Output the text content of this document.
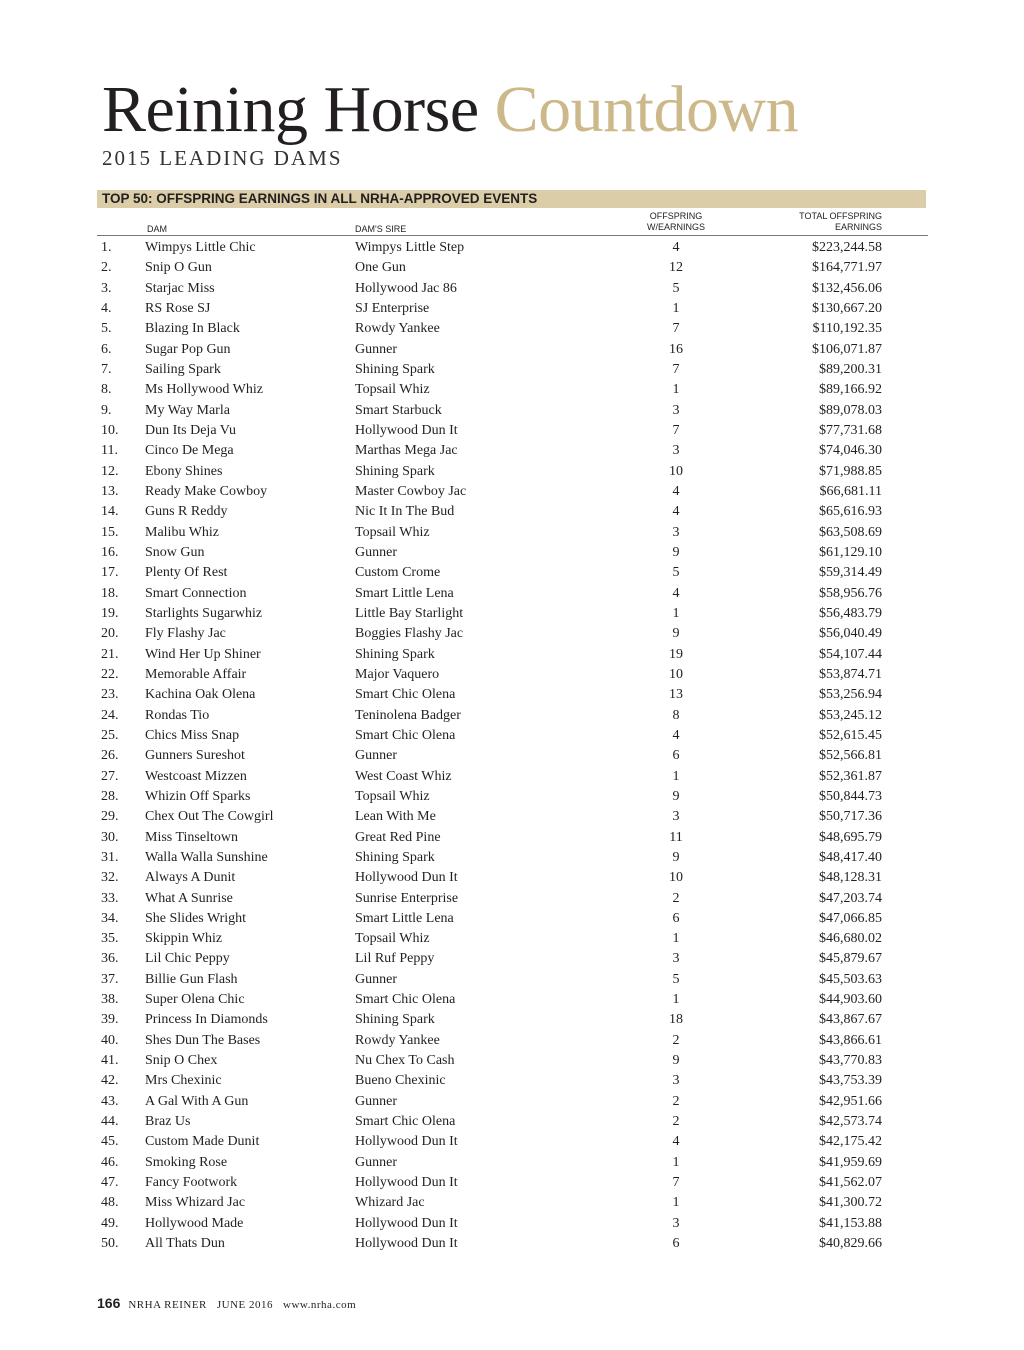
Reining Horse Countdown
2015 LEADING DAMS
TOP 50: OFFSPRING EARNINGS IN ALL NRHA-APPROVED EVENTS
DAM	DAM'S SIRE
OFFSPRING
W/EARNINGS
TOTAL OFFSPRING
EARNINGS
1. Wimpys Little Chic	Wimpys Little Step	4	$223,244.58
2. Snip O Gun	One Gun	12	$164,771.97
3. Starjac Miss	Hollywood Jac 86	5	$132,456.06
4. RS Rose SJ	SJ Enterprise	1	$130,667.20
5. Blazing In Black	Rowdy Yankee	7	$110,192.35
6. Sugar Pop Gun	Gunner	16	$106,071.87
7. Sailing Spark	Shining Spark	7	$89,200.31
8. Ms Hollywood Whiz	Topsail Whiz	1	$89,166.92
9. My Way Marla	Smart Starbuck	3	$89,078.03
10. Dun Its Deja Vu	Hollywood Dun It	7	$77,731.68
11. Cinco De Mega	Marthas Mega Jac	3	$74,046.30
12. Ebony Shines	Shining Spark	10	$71,988.85
13. Ready Make Cowboy	Master Cowboy Jac	4	$66,681.11
14. Guns R Reddy	Nic It In The Bud	4	$65,616.93
15. Malibu Whiz	Topsail Whiz	3	$63,508.69
16. Snow Gun	Gunner	9	$61,129.10
17. Plenty Of Rest	Custom Crome	5	$59,314.49
18. Smart Connection	Smart Little Lena	4	$58,956.76
19. Starlights Sugarwhiz	Little Bay Starlight	1	$56,483.79
20. Fly Flashy Jac	Boggies Flashy Jac	9	$56,040.49
21. Wind Her Up Shiner	Shining Spark	19	$54,107.44
22. Memorable Affair	Major Vaquero	10	$53,874.71
23. Kachina Oak Olena	Smart Chic Olena	13	$53,256.94
24. Rondas Tio	Teninolena Badger	8	$53,245.12
25. Chics Miss Snap	Smart Chic Olena	4	$52,615.45
26. Gunners Sureshot	Gunner	6	$52,566.81
27. Westcoast Mizzen	West Coast Whiz	1	$52,361.87
28. Whizin Off Sparks	Topsail Whiz	9	$50,844.73
29. Chex Out The Cowgirl	Lean With Me	3	$50,717.36
30. Miss Tinseltown	Great Red Pine	11	$48,695.79
31. Walla Walla Sunshine	Shining Spark	9	$48,417.40
32. Always A Dunit	Hollywood Dun It	10	$48,128.31
33. What A Sunrise	Sunrise Enterprise	2	$47,203.74
34. She Slides Wright	Smart Little Lena	6	$47,066.85
35. Skippin Whiz	Topsail Whiz	1	$46,680.02
36. Lil Chic Peppy	Lil Ruf Peppy	3	$45,879.67
37. Billie Gun Flash	Gunner	5	$45,503.63
38. Super Olena Chic	Smart Chic Olena	1	$44,903.60
39. Princess In Diamonds	Shining Spark	18	$43,867.67
40. Shes Dun The Bases	Rowdy Yankee	2	$43,866.61
41. Snip O Chex	Nu Chex To Cash	9	$43,770.83
42. Mrs Chexinic	Bueno Chexinic	3	$43,753.39
43. A Gal With A Gun	Gunner	2	$42,951.66
44. Braz Us	Smart Chic Olena	2	$42,573.74
45. Custom Made Dunit	Hollywood Dun It	4	$42,175.42
46. Smoking Rose	Gunner	1	$41,959.69
47. Fancy Footwork	Hollywood Dun It	7	$41,562.07
48. Miss Whizard Jac	Whizard Jac	1	$41,300.72
49. Hollywood Made	Hollywood Dun It	3	$41,153.88
50. All Thats Dun	Hollywood Dun It	6	$40,829.66
166 NRHA REINER JUNE 2016 www.nrha.com
